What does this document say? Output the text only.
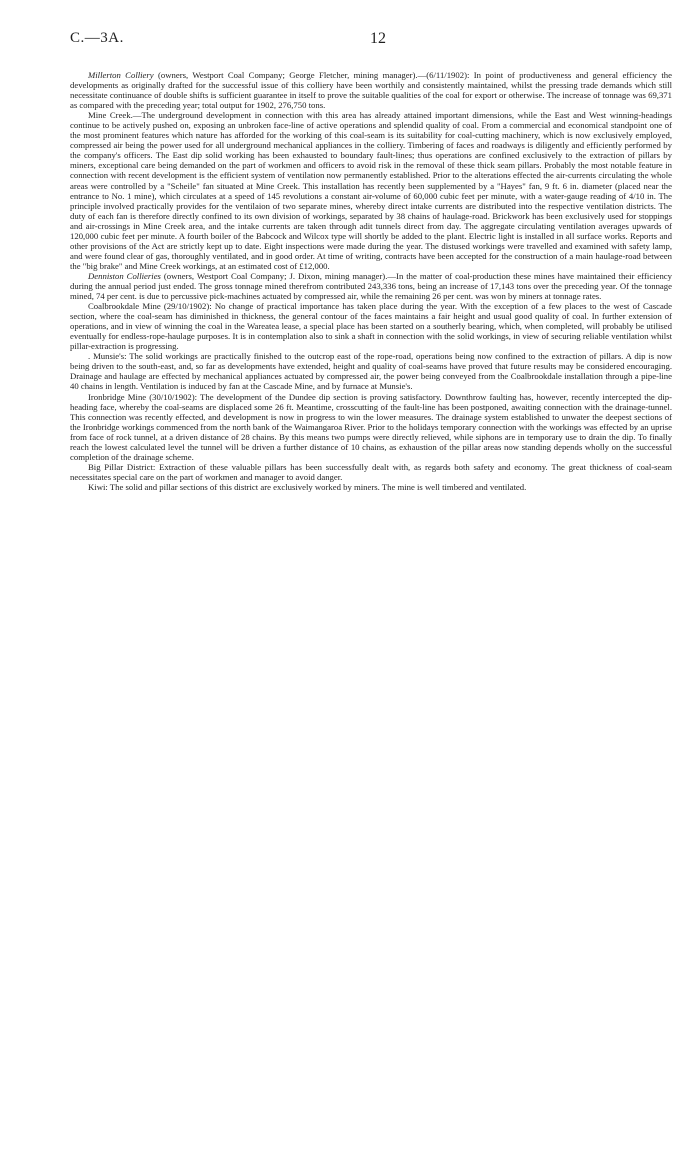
C.—3A.	12

Millerton Colliery (owners, Westport Coal Company; George Fletcher, mining manager).—(6/11/1902): In point of productiveness and general efficiency the developments as originally drafted for the successful issue of this colliery have been worthily and consistently maintained, whilst the pressing trade demands which still necessitate continuance of double shifts is sufficient guarantee in itself to prove the suitable qualities of the coal for export or otherwise. The increase of tonnage was 69,371 as compared with the preceding year; total output for 1902, 276,750 tons.

Mine Creek.—The underground development in connection with this area has already attained important dimensions, while the East and West winning-headings continue to be actively pushed on, exposing an unbroken face-line of active operations and splendid quality of coal. From a commercial and economical standpoint one of the most prominent features which nature has afforded for the working of this coal-seam is its suitability for coal-cutting machinery, which is now exclusively employed, compressed air being the power used for all underground mechanical appliances in the colliery. Timbering of faces and roadways is diligently and efficiently performed by the company's officers. The East dip solid working has been exhausted to boundary fault-lines; thus operations are confined exclusively to the extraction of pillars by miners, exceptional care being demanded on the part of workmen and officers to avoid risk in the removal of these thick seam pillars. Probably the most notable feature in connection with recent development is the efficient system of ventilation now permanently established. Prior to the alterations effected the air-currents circulating the whole areas were controlled by a "Scheile" fan situated at Mine Creek. This installation has recently been supplemented by a "Hayes" fan, 9 ft. 6 in. diameter (placed near the entrance to No. 1 mine), which circulates at a speed of 145 revolutions a constant air-volume of 60,000 cubic feet per minute, with a water-gauge reading of 4/10 in. The principle involved practically provides for the ventilaion of two separate mines, whereby direct intake currents are distributed into the respective ventilation districts. The duty of each fan is therefore directly confined to its own division of workings, separated by 38 chains of haulage-road. Brickwork has been exclusively used for stoppings and air-crossings in Mine Creek area, and the intake currents are taken through adit tunnels direct from day. The aggregate circulating ventilation averages upwards of 120,000 cubic feet per minute. A fourth boiler of the Babcock and Wilcox type will shortly be added to the plant. Electric light is installed in all surface works. Reports and other provisions of the Act are strictly kept up to date. Eight inspections were made during the year. The distused workings were travelled and examined with safety lamp, and were found clear of gas, thoroughly ventilated, and in good order. At time of writing, contracts have been accepted for the construction of a main haulage-road between the "big brake" and Mine Creek workings, at an estimated cost of £12,000.

Denniston Collieries (owners, Westport Coal Company; J. Dixon, mining manager).—In the matter of coal-production these mines have maintained their efficiency during the annual period just ended. The gross tonnage mined therefrom contributed 243,336 tons, being an increase of 17,143 tons over the preceding year. Of the tonnage mined, 74 per cent. is due to percussive pick-machines actuated by compressed air, while the remaining 26 per cent. was won by miners at tonnage rates.

Coalbrookdale Mine (29/10/1902): No change of practical importance has taken place during the year. With the exception of a few places to the west of Cascade section, where the coal-seam has diminished in thickness, the general contour of the faces maintains a fair height and usual good quality of coal. In further extension of operations, and in view of winning the coal in the Wareatea lease, a special place has been started on a southerly bearing, which, when completed, will probably be utilised eventually for endless-rope-haulage purposes. It is in contemplation also to sink a shaft in connection with the solid workings, in view of securing reliable ventilation whilst pillar-extraction is progressing.

. Munsie's: The solid workings are practically finished to the outcrop east of the rope-road, operations being now confined to the extraction of pillars. A dip is now being driven to the south-east, and, so far as developments have extended, height and quality of coal-seams have proved that future results may be considered encouraging. Drainage and haulage are effected by mechanical appliances actuated by compressed air, the power being conveyed from the Coalbrookdale installation through a pipe-line 40 chains in length. Ventilation is induced by fan at the Cascade Mine, and by furnace at Munsie's.

Ironbridge Mine (30/10/1902): The development of the Dundee dip section is proving satisfactory. Downthrow faulting has, however, recently intercepted the dip-heading face, whereby the coal-seams are displaced some 26 ft. Meantime, crosscutting of the fault-line has been postponed, awaiting connection with the drainage-tunnel. This connection was recently effected, and development is now in progress to win the lower measures. The drainage system established to unwater the deepest sections of the Ironbridge workings commenced from the north bank of the Waimangaroa River. Prior to the holidays temporary connection with the workings was effected by an uprise from face of rock tunnel, at a driven distance of 28 chains. By this means two pumps were directly relieved, while siphons are in temporary use to drain the dip. To finally reach the lowest calculated level the tunnel will be driven a further distance of 10 chains, as exhaustion of the pillar areas now standing depends wholly on the successful completion of the drainage scheme.

Big Pillar District: Extraction of these valuable pillars has been successfully dealt with, as regards both safety and economy. The great thickness of coal-seam necessitates special care on the part of workmen and manager to avoid danger.

Kiwi: The solid and pillar sections of this district are exclusively worked by miners. The mine is well timbered and ventilated.
